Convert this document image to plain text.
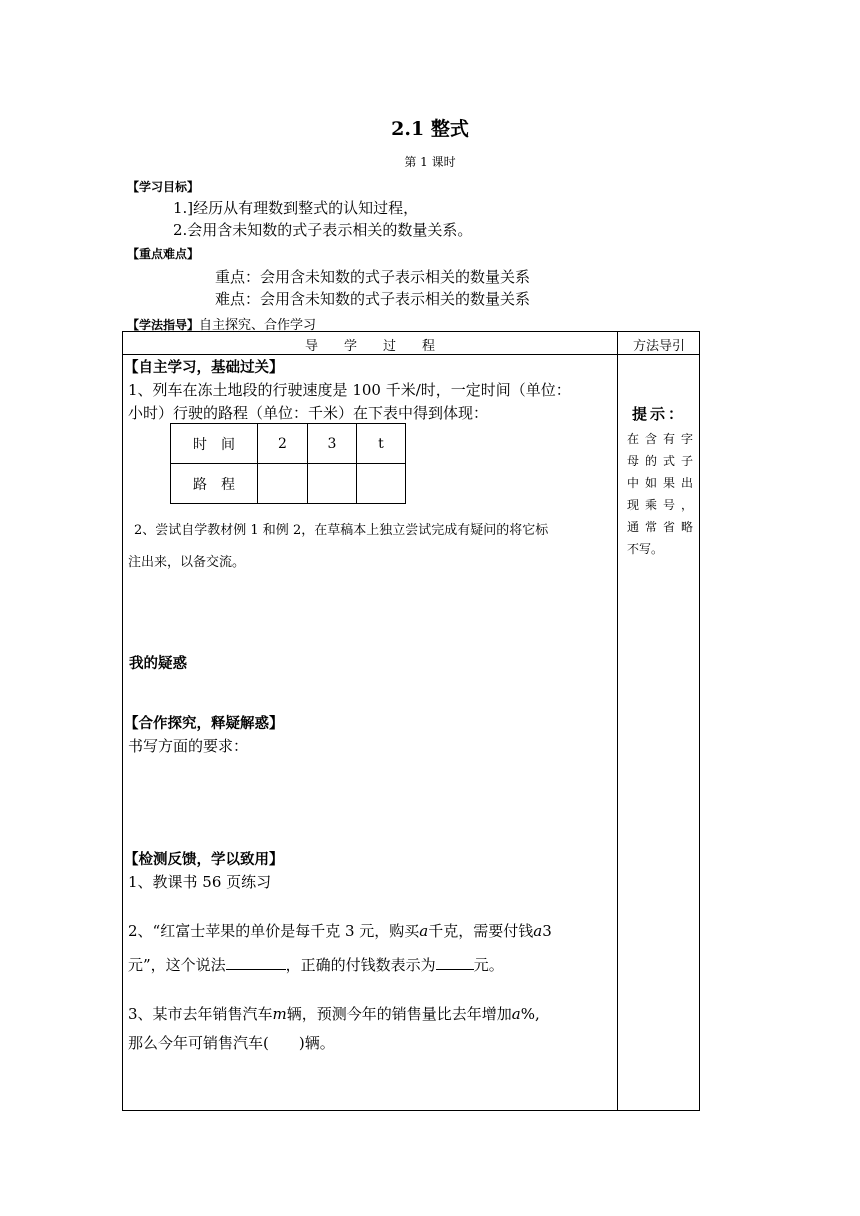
2.1 整式
第 1 课时
【学习目标】
1.]经历从有理数到整式的认知过程，
2.会用含未知数的式子表示相关的数量关系。
【重点难点】
重点：会用含未知数的式子表示相关的数量关系
难点：会用含未知数的式子表示相关的数量关系
【学法指导】自主探究、合作学习
导　　学　　过　　程	方法导引
【自主学习，基础过关】
1、列车在冻土地段的行驶速度是 100 千米/时，一定时间（单位：
小时）行驶的路程（单位：千米）在下表中得到体现：
时　间	2	3	t
路　程			
2、尝试自学教材例 1 和例 2，在草稿本上独立尝试完成有疑问的将它标
注出来，以备交流。
我的疑惑
【合作探究，释疑解惑】
书写方面的要求：
【检测反馈，学以致用】
1、教课书 56 页练习
2、“红富士苹果的单价是每千克 3 元，购买a千克，需要付钱a3
元”，这个说法	，正确的付钱数表示为	元。
3、某市去年销售汽车m辆，预测今年的销售量比去年增加a%,
那么今年可销售汽车(　　)辆。
提示：
在含有字
母的式子
中如果出
现乘号，
通常省略
不写。
